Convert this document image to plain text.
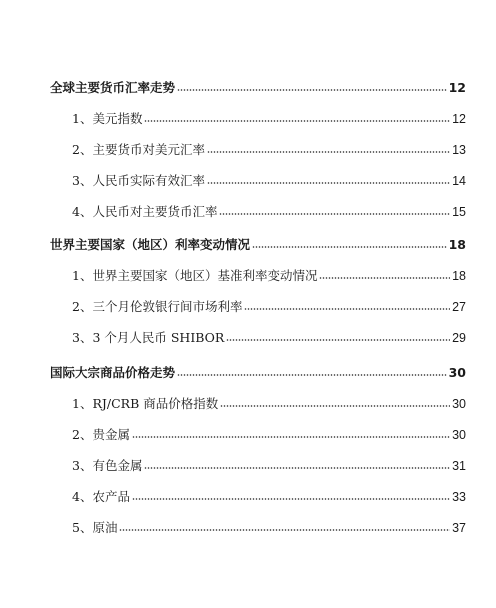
全球主要货币汇率走势	12
1、美元指数	12
2、主要货币对美元汇率	13
3、人民币实际有效汇率	14
4、人民币对主要货币汇率	15
世界主要国家（地区）利率变动情况	18
1、世界主要国家（地区）基准利率变动情况	18
2、三个月伦敦银行间市场利率	27
3、3 个月人民币 SHIBOR	29
国际大宗商品价格走势	30
1、RJ/CRB 商品价格指数	30
2、贵金属	30
3、有色金属	31
4、农产品	33
5、原油	37
